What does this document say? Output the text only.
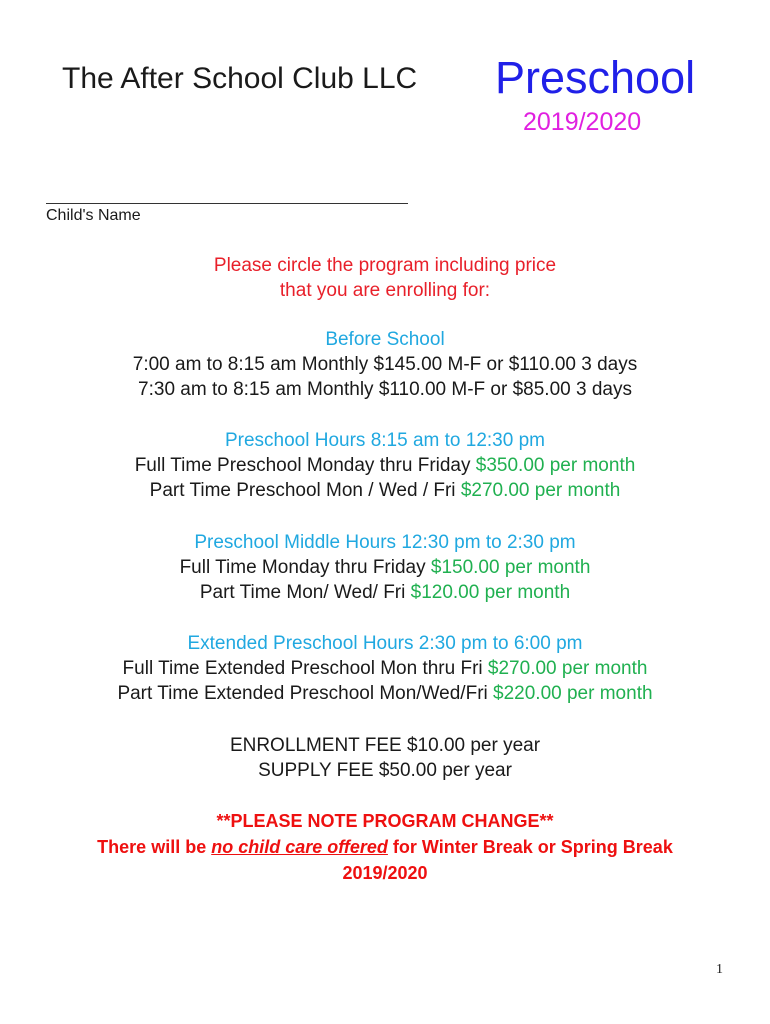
The After School Club LLC Preschool
2019/2020
Child's Name
Please circle the program including price
that you are enrolling for:
Before School
7:00 am to 8:15 am Monthly $145.00 M-F or $110.00 3 days
7:30 am to 8:15 am Monthly $110.00 M-F or $85.00 3 days
Preschool Hours 8:15 am to 12:30 pm
Full Time Preschool Monday thru Friday $350.00 per month
Part Time Preschool Mon / Wed / Fri $270.00 per month
Preschool Middle Hours 12:30 pm to 2:30 pm
Full Time Monday thru Friday $150.00 per month
Part Time Mon/ Wed/ Fri $120.00 per month
Extended Preschool Hours 2:30 pm to 6:00 pm
Full Time Extended Preschool Mon thru Fri $270.00 per month
Part Time Extended Preschool Mon/Wed/Fri $220.00 per month
ENROLLMENT FEE $10.00 per year
SUPPLY FEE $50.00 per year
**PLEASE NOTE PROGRAM CHANGE**
There will be no child care offered for Winter Break or Spring Break
2019/2020
1
